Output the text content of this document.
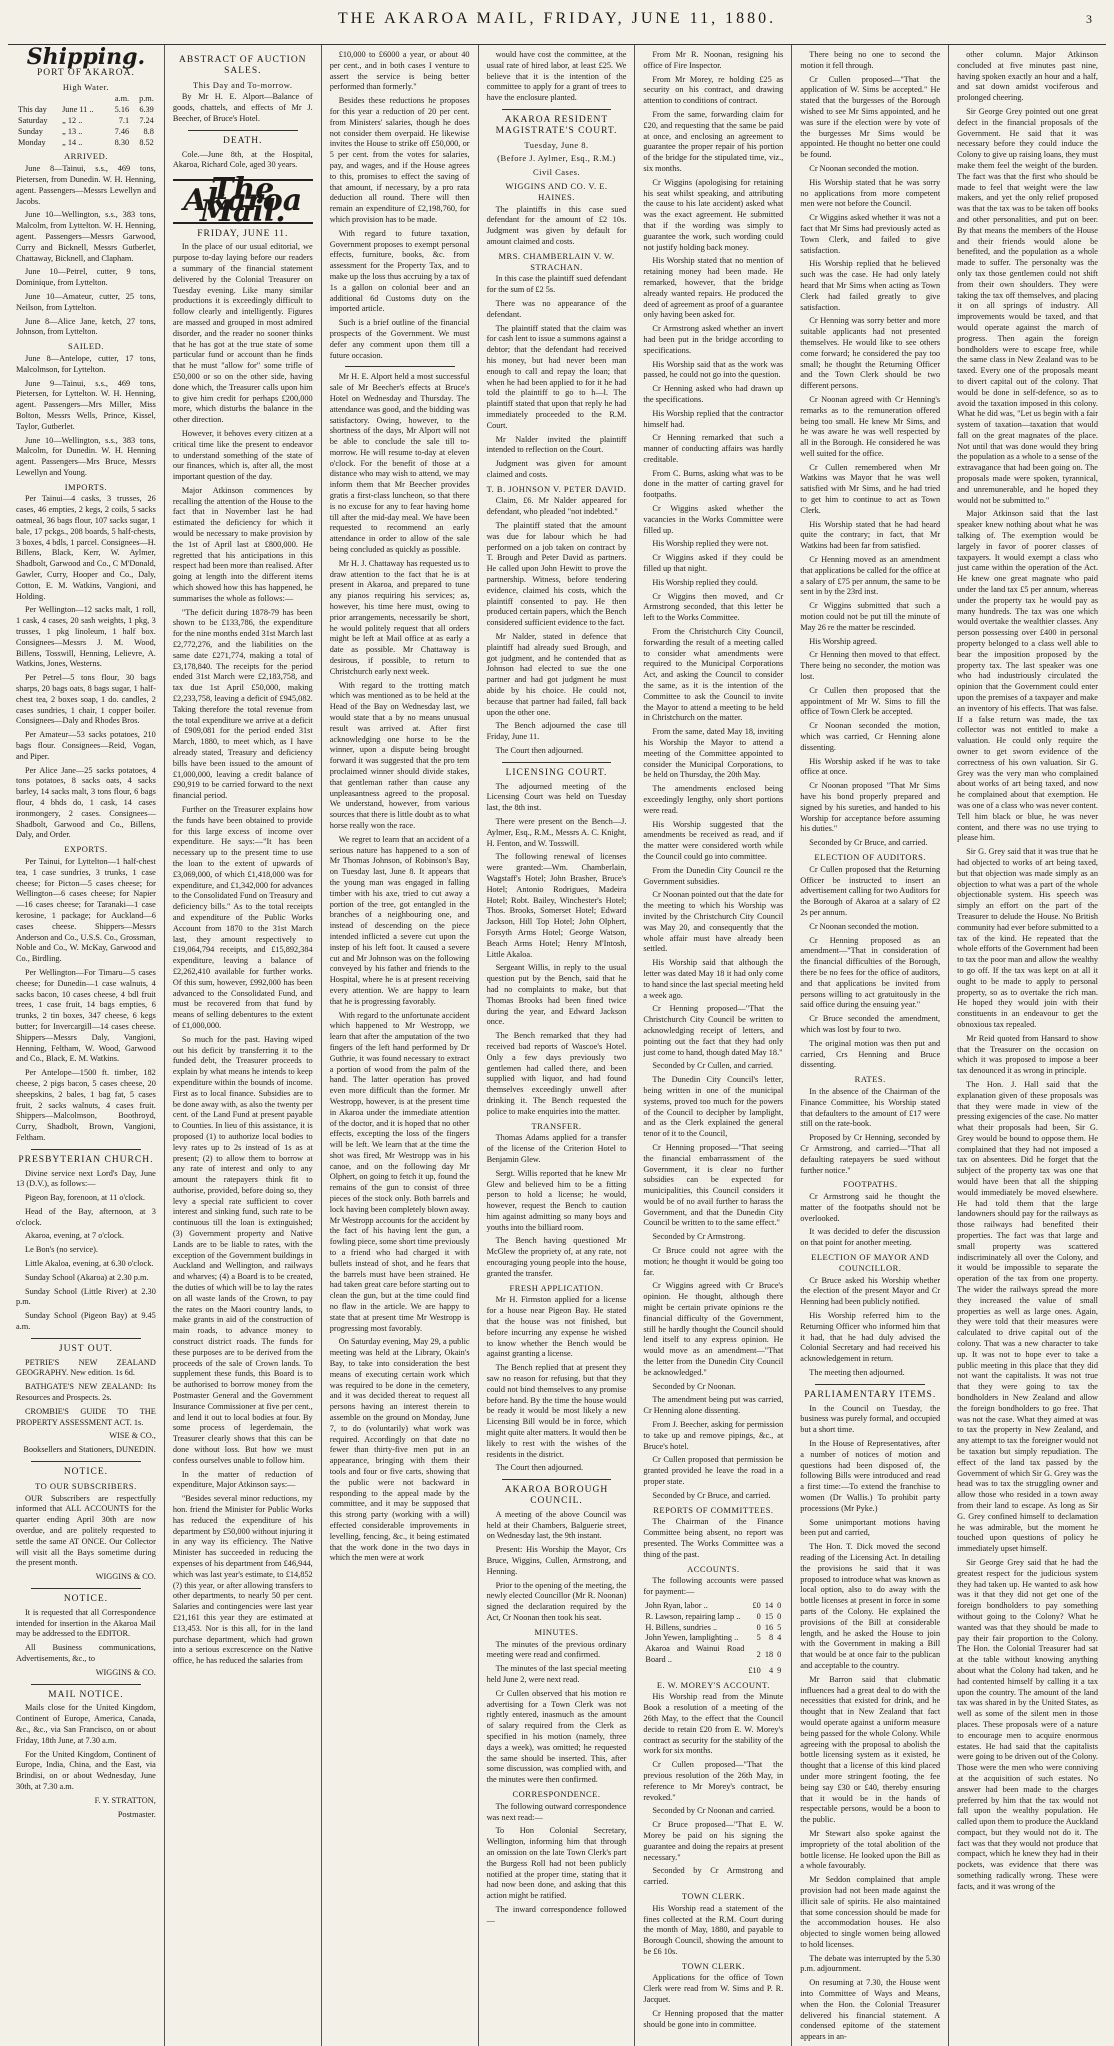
THE AKAROA MAIL, FRIDAY, JUNE 11, 1880.	3
Shipping.
PORT OF AKAROA.
High Water.
		a.m.	p.m.
This day	June 11 ..	5.16	6.39
Saturday	„ 12 ..	7.1	7.24
Sunday	„ 13 ..	7.46	8.8
Monday	„ 14 ..	8.30	8.52
ARRIVED.

June 8—Tainui, s.s., 469 tons, Pietersen, from Dunedin. W. H. Henning, agent. Passengers—Messrs Lewellyn and Jacobs.

June 10—Wellington, s.s., 383 tons, Malcolm, from Lyttelton. W. H. Henning, agent. Passengers—Messrs Garwood, Curry and Bicknell, Messrs Gutberlet, Chattaway, Bicknell, and Clapham.

June 10—Petrel, cutter, 9 tons, Dominique, from Lyttelton.

June 10—Amateur, cutter, 25 tons, Neilson, from Lyttelton.

June 8—Alice Jane, ketch, 27 tons, Johnson, from Lyttelton.

SAILED.

June 8—Antelope, cutter, 17 tons, Malcolmson, for Lyttelton.

June 9—Tainui, s.s., 469 tons, Pietersen, for Lyttelton. W. H. Henning, agent. Passengers—Mrs Miller, Miss Bolton, Messrs Wells, Prince, Kissel, Taylor, Gutberlet.

June 10—Wellington, s.s., 383 tons, Malcolm, for Dunedin. W. H. Henning agent. Passengers—Mrs Bruce, Messrs Lewellyn and Young.

IMPORTS.

Per Tainui—4 casks, 3 trusses, 26 cases, 46 empties, 2 kegs, 2 coils, 5 sacks oatmeal, 36 bags flour, 107 sacks sugar, 1 bale, 17 pckgs., 208 boards, 5 half-chests, 3 boxes, 4 bdls, 1 parcel. Consignees—H. Billens, Black, Kerr, W. Aylmer, Shadbolt, Garwood and Co., C M'Donald, Gawler, Curry, Hooper and Co., Daly, Cotton, E. M. Watkins, Vangioni, and Holding.

Per Wellington—12 sacks malt, 1 roll, 1 cask, 4 cases, 20 sash weights, 1 pkg, 3 trusses, 1 pkg linoleum, 1 half box. Consignees—Messrs J. M. Wood, Billens, Tosswill, Henning, Lelievre, A. Watkins, Jones, Westerns.

Per Petrel—5 tons flour, 30 bags sharps, 20 bags oats, 8 bags sugar, 1 half-chest tea, 2 boxes soap, 1 do. candles, 2 cases sundries, 1 chair, 1 copper boiler. Consignees—Daly and Rhodes Bros.

Per Amateur—53 sacks potatoes, 210 bags flour. Consignees—Reid, Vogan, and Piper.

Per Alice Jane—25 sacks potatoes, 4 tons potatoes, 8 sacks oats, 4 sacks barley, 14 sacks malt, 3 tons flour, 6 bags flour, 4 bhds do, 1 cask, 14 cases ironmongery, 2 cases. Consignees—Shadbolt, Garwood and Co., Billens, Daly, and Order.

EXPORTS.

Per Tainui, for Lyttelton—1 half-chest tea, 1 case sundries, 3 trunks, 1 case cheese; for Picton—5 cases cheese; for Wellington—6 cases cheese; for Napier—16 cases cheese; for Taranaki—1 case kerosine, 1 package; for Auckland—6 cases cheese. Shippers—Messrs Anderson and Co., U.S.S. Co., Grossman, Noble and Co., W. McKay, Garwood and Co., Birdling.

Per Wellington—For Timaru—5 cases cheese; for Dunedin—1 case walnuts, 4 sacks bacon, 10 cases cheese, 4 bdl fruit trees, 1 case fruit, 14 bags empties, 6 trunks, 2 tin boxes, 347 cheese, 6 kegs butter; for Invercargill—14 cases cheese. Shippers—Messrs Daly, Vangioni, Henning, Feltham, W. Wood, Garwood and Co., Black, E. M. Watkins.

Per Antelope—1500 ft. timber, 182 cheese, 2 pigs bacon, 5 cases cheese, 20 sheepskins, 2 bales, 1 bag fat, 5 cases fruit, 2 sacks walnuts, 4 cases fruit. Shippers—Malcolmson, Boothroyd, Curry, Shadbolt, Brown, Vangioni, Feltham.

PRESBYTERIAN CHURCH.

Divine service next Lord's Day, June 13 (D.V.), as follows:—

Pigeon Bay, forenoon, at 11 o'clock.

Head of the Bay, afternoon, at 3 o'clock.

Akaroa, evening, at 7 o'clock.

Le Bon's (no service).

Little Akaloa, evening, at 6.30 o'clock.

Sunday School (Akaroa) at 2.30 p.m.

Sunday School (Little River) at 2.30 p.m.

Sunday School (Pigeon Bay) at 9.45 a.m.

JUST OUT.

PETRIE'S NEW ZEALAND GEOGRAPHY. New edition. 1s 6d.

BATHGATE'S NEW ZEALAND: Its Resources and Prospects. 2s.

CROMBIE'S GUIDE TO THE PROPERTY ASSESSMENT ACT. 1s.

WISE & CO.,

Booksellers and Stationers, DUNEDIN.

NOTICE.
TO OUR SUBSCRIBERS.

OUR Subscribers are respectfully informed that ALL ACCOUNTS for the quarter ending April 30th are now overdue, and are politely requested to settle the same AT ONCE. Our Collector will visit all the Bays sometime during the present month.

WIGGINS & CO.

NOTICE.

It is requested that all Correspondence intended for insertion in the Akaroa Mail may be addressed to the EDITOR.

All Business communications, Advertisements, &c., to

WIGGINS & CO.

MAIL NOTICE.

Mails close for the United Kingdom, Continent of Europe, America, Canada, &c., &c., via San Francisco, on or about Friday, 18th June, at 7.30 a.m.

For the United Kingdom, Continent of Europe, India, China, and the East, via Brindisi, on or about Wednesday, June 30th, at 7.30 a.m.

F. Y. STRATTON,

Postmaster.

ABSTRACT OF AUCTION SALES.
This Day and To-morrow.

By Mr H. E. Alport—Balance of goods, chattels, and effects of Mr J. Beecher, of Bruce's Hotel.

DEATH.

Cole.—June 8th, at the Hospital, Akaroa, Richard Cole, aged 30 years.

The Akaroa Mail.
FRIDAY, JUNE 11.

In the place of our usual editorial, we purpose to-day laying before our readers a summary of the financial statement delivered by the Colonial Treasurer on Tuesday evening. Like many similar productions it is exceedingly difficult to follow clearly and intelligently. Figures are massed and grouped in most admired disorder, and the reader no sooner thinks that he has got at the true state of some particular fund or account than he finds that he must "allow for" some trifle of £50,000 or so on the other side, having done which, the Treasurer calls upon him to give him credit for perhaps £200,000 more, which disturbs the balance in the other direction.

However, it behoves every citizen at a critical time like the present to endeavor to understand something of the state of our finances, which is, after all, the most important question of the day.

Major Atkinson commences by recalling the attention of the House to the fact that in November last he had estimated the deficiency for which it would be necessary to make provision by the 1st of April last at £800,000. He regretted that his anticipations in this respect had been more than realised. After going at length into the different items which showed how this has happened, he summarises the whole as follows:—

"The deficit during 1878-79 has been shown to be £133,786, the expenditure for the nine months ended 31st March last £2,772,276, and the liabilities on the same date £271,774, making a total of £3,178,840. The receipts for the period ended 31st March were £2,183,758, and tax due 1st April £50,000, making £2,233,758, leaving a deficit of £945,082. Taking therefore the total revenue from the total expenditure we arrive at a deficit of £909,081 for the period ended 31st March, 1880, to meet which, as I have already stated, Treasury and deficiency bills have been issued to the amount of £1,000,000, leaving a credit balance of £90,919 to be carried forward to the next financial period.

Further on the Treasurer explains how the funds have been obtained to provide for this large excess of income over expenditure. He says:—"It has been necessary up to the present time to use the loan to the extent of upwards of £3,069,000, of which £1,418,000 was for expenditure, and £1,342,000 for advances to the Consolidated Fund on Treasury and deficiency bills." As to the total receipts and expenditure of the Public Works Account from 1870 to the 31st March last, they amount respectively to £19,064,794 receipts, and £15,892,384 expenditure, leaving a balance of £2,262,410 available for further works. Of this sum, however, £992,000 has been advanced to the Consolidated Fund, and must be recovered from that fund by means of selling debentures to the extent of £1,000,000.

So much for the past. Having wiped out his deficit by transferring it to the funded debt, the Treasurer proceeds to explain by what means he intends to keep expenditure within the bounds of income. First as to local finance. Subsidies are to be done away with, as also the twenty per cent. of the Land Fund at present payable to Counties. In lieu of this assistance, it is proposed (1) to authorize local bodies to levy rates up to 2s instead of 1s as at present; (2) to allow them to borrow at any rate of interest and only to any amount the ratepayers think fit to authorise, provided, before doing so, they levy a special rate sufficient to cover interest and sinking fund, such rate to be continuous till the loan is extinguished; (3) Government property and Native Lands are to be liable to rates, with the exception of the Government buildings in Auckland and Wellington, and railways and wharves; (4) a Board is to be created, the duties of which will be to lay the rates on all waste lands of the Crown, to pay the rates on the Maori country lands, to make grants in aid of the construction of main roads, to advance money to construct district roads. The funds for these purposes are to be derived from the proceeds of the sale of Crown lands. To supplement these funds, this Board is to be authorised to borrow money from the Postmaster General and the Government Insurance Commissioner at five per cent., and lend it out to local bodies at four. By some process of legerdemain, the Treasurer clearly shows that this can be done without loss. But how we must confess ourselves unable to follow him.

In the matter of reduction of expenditure, Major Atkinson says:—

"Besides several minor reductions, my hon. friend the Minister for Public Works has reduced the expenditure of his department by £50,000 without injuring it in any way its efficiency. The Native Minister has succeeded in reducing the expenses of his department from £46,944, which was last year's estimate, to £14,852 (?) this year, or after allowing transfers to other departments, to nearly 50 per cent. Salaries and contingencies were last year £21,161 this year they are estimated at £13,453. Nor is this all, for in the land purchase department, which had grown into a serious excrescence on the Native office, he has reduced the salaries from

£10,000 to £6000 a year, or about 40 per cent., and in both cases I venture to assert the service is being better performed than formerly."

Besides these reductions he proposes for this year a reduction of 20 per cent. from Ministers' salaries, though he does not consider them overpaid. He likewise invites the House to strike off £50,000, or 5 per cent. from the votes for salaries, pay, and wages, and if the House agrees to this, promises to effect the saving of that amount, if necessary, by a pro rata deduction all round. There will then remain an expenditure of £2,198,760, for which provision has to be made.

With regard to future taxation, Government proposes to exempt personal effects, furniture, books, &c. from assessment for the Property Tax, and to make up the loss thus accruing by a tax of 1s a gallon on colonial beer and an additional 6d Customs duty on the imported article.

Such is a brief outline of the financial prospects of the Government. We must defer any comment upon them till a future occasion.

Mr H. E. Alport held a most successful sale of Mr Beecher's effects at Bruce's Hotel on Wednesday and Thursday. The attendance was good, and the bidding was satisfactory. Owing, however, to the shortness of the days, Mr Alport will not be able to conclude the sale till to-morrow. He will resume to-day at eleven o'clock. For the benefit of those at a distance who may wish to attend, we may inform them that Mr Beecher provides gratis a first-class luncheon, so that there is no excuse for any to fear having home till after the mid-day meal. We have been requested to recommend an early attendance in order to allow of the sale being concluded as quickly as possible.

Mr H. J. Chattaway has requested us to draw attention to the fact that he is at present in Akaroa, and prepared to tune any pianos requiring his services; as, however, his time here must, owing to prior arrangements, necessarily be short, he would politely request that all orders might be left at Mail office at as early a date as possible. Mr Chattaway is desirous, if possible, to return to Christchurch early next week.

With regard to the trotting match which was mentioned as to be held at the Head of the Bay on Wednesday last, we would state that a by no means unusual result was arrived at. After first acknowledging one horse to be the winner, upon a dispute being brought forward it was suggested that the pro tem proclaimed winner should divide stakes, that gentleman rather than cause any unpleasantness agreed to the proposal. We understand, however, from various sources that there is little doubt as to what horse really won the race.

We regret to learn that an accident of a serious nature has happened to a son of Mr Thomas Johnson, of Robinson's Bay, on Tuesday last, June 8. It appears that the young man was engaged in falling timber with his axe, tried to cut away a portion of the tree, got entangled in the branches of a neighbouring one, and instead of descending on the piece intended inflicted a severe cut upon the instep of his left foot. It caused a severe cut and Mr Johnson was on the following conveyed by his father and friends to the Hospital, where he is at present receiving every attention. We are happy to learn that he is progressing favorably.

With regard to the unfortunate accident which happened to Mr Westropp, we learn that after the amputation of the two fingers of the left hand performed by Dr Guthrie, it was found necessary to extract a portion of wood from the palm of the hand. The latter operation has proved even more difficult than the former. Mr Westropp, however, is at the present time in Akaroa under the immediate attention of the doctor, and it is hoped that no other effects, excepting the loss of the fingers will be left. We learn that at the time the shot was fired, Mr Westropp was in his canoe, and on the following day Mr Olphert, on going to fetch it up, found the remains of the gun to consist of three pieces of the stock only. Both barrels and lock having been completely blown away. Mr Westropp accounts for the accident by the fact of his having lent the gun, a fowling piece, some short time previously to a friend who had charged it with bullets instead of shot, and he fears that the barrels must have been strained. He had taken great care before starting out to clean the gun, but at the time could find no flaw in the article. We are happy to state that at present time Mr Westropp is progressing most favorably.

On Saturday evening, May 29, a public meeting was held at the Library, Okain's Bay, to take into consideration the best means of executing certain work which was required to be done in the cemetery, and it was decided thereat to request all persons having an interest therein to assemble on the ground on Monday, June 7, to do (voluntarily) what work was required. Accordingly on that date no fewer than thirty-five men put in an appearance, bringing with them their tools and four or five carts, showing that the public were not backward in responding to the appeal made by the committee, and it may be supposed that this strong party (working with a will) effected considerable improvements in levelling, fencing, &c., it being estimated that the work done in the two days in which the men were at work

would have cost the committee, at the usual rate of hired labor, at least £25. We believe that it is the intention of the committee to apply for a grant of trees to have the enclosure planted.

AKAROA RESIDENT MAGISTRATE'S COURT.
Tuesday, June 8.
(Before J. Aylmer, Esq., R.M.)
Civil Cases.
WIGGINS AND CO. V. E. HAINES.

The plaintiffs in this case sued defendant for the amount of £2 10s. Judgment was given by default for amount claimed and costs.

MRS. CHAMBERLAIN V. W. STRACHAN.

In this case the plaintiff sued defendant for the sum of £2 5s.

There was no appearance of the defendant.

The plaintiff stated that the claim was for cash lent to issue a summons against a debtor; that the defendant had received his money, but had never been man enough to call and repay the loan; that when he had been applied to for it he had told the plaintiff to go to h—l. The plaintiff stated that upon that reply he had immediately proceeded to the R.M. Court.

Mr Nalder invited the plaintiff intended to reflection on the Court.

Judgment was given for amount claimed and costs.

T. B. JOHNSON V. PETER DAVID.

Claim, £6. Mr Nalder appeared for defendant, who pleaded "not indebted."

The plaintiff stated that the amount was due for labour which he had performed on a job taken on contract by T. Brough and Peter David as partners. He called upon John Hewitt to prove the partnership. Witness, before tendering evidence, claimed his costs, which the plaintiff consented to pay. He then produced certain papers, which the Bench considered sufficient evidence to the fact.

Mr Nalder, stated in defence that plaintiff had already sued Brough, and got judgment, and he contended that as Johnson had elected to sue the one partner and had got judgment he must abide by his choice. He could not, because that partner had failed, fall back upon the other one.

The Bench adjourned the case till Friday, June 11.

The Court then adjourned.

LICENSING COURT.

The adjourned meeting of the Licensing Court was held on Tuesday last, the 8th inst.

There were present on the Bench—J. Aylmer, Esq., R.M., Messrs A. C. Knight, H. Fenton, and W. Tosswill.

The following renewal of licenses were granted:—Wm. Chamberlain, Wagstaff's Hotel; John Brasher, Bruce's Hotel; Antonio Rodrigues, Madeira Hotel; Robt. Bailey, Winchester's Hotel; Thos. Brooks, Somerset Hotel; Edward Jackson, Hill Top Hotel; John Olphert, Forsyth Arms Hotel; George Watson, Beach Arms Hotel; Henry M'Intosh, Little Akaloa.

Sergeant Willis, in reply to the usual question put by the Bench, said that he had no complaints to make, but that Thomas Brooks had been fined twice during the year, and Edward Jackson once.

The Bench remarked that they had received bad reports of Wascoe's Hotel. Only a few days previously two gentlemen had called there, and been supplied with liquor, and had found themselves exceedingly unwell after drinking it. The Bench requested the police to make enquiries into the matter.

TRANSFER.

Thomas Adams applied for a transfer of the license of the Criterion Hotel to Benjamin Glew.

Sergt. Willis reported that he knew Mr Glew and believed him to be a fitting person to hold a license; he would, however, request the Bench to caution him against admitting so many boys and youths into the billiard room.

The Bench having questioned Mr McGlew the propriety of, at any rate, not encouraging young people into the house, granted the transfer.

FRESH APPLICATION.

Mr H. Firmston applied for a license for a house near Pigeon Bay. He stated that the house was not finished, but before incurring any expense he wished to know whether the Bench would be against granting a license.

The Bench replied that at present they saw no reason for refusing, but that they could not bind themselves to any promise before hand. By the time the house would be ready it would be most likely a new Licensing Bill would be in force, which might quite alter matters. It would then be likely to rest with the wishes of the residents in the district.

The Court then adjourned.

AKAROA BOROUGH COUNCIL.

A meeting of the above Council was held at their Chambers, Balguerie street, on Wednesday last, the 9th instant.

Present: His Worship the Mayor, Crs Bruce, Wiggins, Cullen, Armstrong, and Henning.

Prior to the opening of the meeting, the newly elected Councillor (Mr R. Noonan) signed the declaration required by the Act, Cr Noonan then took his seat.

MINUTES.

The minutes of the previous ordinary meeting were read and confirmed.

The minutes of the last special meeting held June 2, were next read.

Cr Cullen observed that his motion re advertising for a Town Clerk was not rightly entered, inasmuch as the amount of salary required from the Clerk as specified in his motion (namely, three days a week), was omitted; he requested the same should be inserted. This, after some discussion, was complied with, and the minutes were then confirmed.

CORRESPONDENCE.

The following outward correspondence was next read:—

To Hon Colonial Secretary, Wellington, informing him that through an omission on the late Town Clerk's part the Burgess Roll had not been publicly notified at the proper time, stating that it had now been done, and asking that this action might be ratified.

The inward correspondence followed—

From Mr R. Noonan, resigning his office of Fire Inspector.

From Mr Morey, re holding £25 as security on his contract, and drawing attention to conditions of contract.

From the same, forwarding claim for £20, and requesting that the same be paid at once, and enclosing an agreement to guarantee the proper repair of his portion of the bridge for the stipulated time, viz., six months.

Cr Wiggins (apologising for retaining his seat whilst speaking, and attributing the cause to his late accident) asked what was the exact agreement. He submitted that if the wording was simply to guarantee the work, such wording could not justify holding back money.

His Worship stated that no mention of retaining money had been made. He remarked, however, that the bridge already wanted repairs. He produced the deed of agreement as proof of a guarantee only having been asked for.

Cr Armstrong asked whether an invert had been put in the bridge according to specifications.

His Worship said that as the work was passed, he could not go into the question.

Cr Henning asked who had drawn up the specifications.

His Worship replied that the contractor himself had.

Cr Henning remarked that such a manner of conducting affairs was hardly creditable.

From C. Burns, asking what was to be done in the matter of carting gravel for footpaths.

Cr Wiggins asked whether the vacancies in the Works Committee were filled up.

His Worship replied they were not.

Cr Wiggins asked if they could be filled up that night.

His Worship replied they could.

Cr Wiggins then moved, and Cr Armstrong seconded, that this letter be left to the Works Committee.

From the Christchurch City Council, forwarding the result of a meeting called to consider what amendments were required to the Municipal Corporations Act, and asking the Council to consider the same, as it is the intention of the Committee to ask the Council to invite the Mayor to attend a meeting to be held in Christchurch on the matter.

From the same, dated May 18, inviting his Worship the Mayor to attend a meeting of the Committee appointed to consider the Municipal Corporations, to be held on Thursday, the 20th May.

The amendments enclosed being exceedingly lengthy, only short portions were read.

His Worship suggested that the amendments be received as read, and if the matter were considered worth while the Council could go into committee.

From the Dunedin City Council re the Government subsidies.

Cr Noonan pointed out that the date for the meeting to which his Worship was invited by the Christchurch City Council was May 20, and consequently that the whole affair must have already been settled.

His Worship said that although the letter was dated May 18 it had only come to hand since the last special meeting held a week ago.

Cr Henning proposed—"That the Christchurch City Council be written to acknowledging receipt of letters, and pointing out the fact that they had only just come to hand, though dated May 18."

Seconded by Cr Cullen, and carried.

The Dunedin City Council's letter, being written in one of the municipal systems, proved too much for the powers of the Council to decipher by lamplight, and as the Clerk explained the general tenor of it to the Council,

Cr Henning proposed—"That seeing the financial embarrassment of the Government, it is clear no further subsidies can be expected for municipalities, this Council considers it would be of no avail further to harass the Government, and that the Dunedin City Council be written to to the same effect."

Seconded by Cr Armstrong.

Cr Bruce could not agree with the motion; he thought it would be going too far.

Cr Wiggins agreed with Cr Bruce's opinion. He thought, although there might be certain private opinions re the financial difficulty of the Government, still he hardly thought the Council should lend itself to any express opinion. He would move as an amendment—"That the letter from the Dunedin City Council be acknowledged."

Seconded by Cr Noonan.

The amendment being put was carried, Cr Henning alone dissenting.

From J. Beecher, asking for permission to take up and remove pipings, &c., at Bruce's hotel.

Cr Cullen proposed that permission be granted provided he leave the road in a proper state.

Seconded by Cr Bruce, and carried.

REPORTS OF COMMITTEES.

The Chairman of the Finance Committee being absent, no report was presented. The Works Committee was a thing of the past.

ACCOUNTS.

The following accounts were passed for payment:—

John Ryan, labor ..	£0	14	0
R. Lawson, repairing lamp ..	0	15	0
H. Billens, sundries ..	0	16	5
John Yewen, lamplighting ..	5	8	4
Akaroa and Wainui Road Board ..	2	18	0
	£10	4	9
E. W. MOREY'S ACCOUNT.

His Worship read from the Minute Book a resolution of a meeting of the 26th May, to the effect that the Council decide to retain £20 from E. W. Morey's contract as security for the stability of the work for six months.

Cr Cullen proposed—"That the previous resolution of the 26th May, in reference to Mr Morey's contract, be revoked."

Seconded by Cr Noonan and carried.

Cr Bruce proposed—"That E. W. Morey be paid on his signing the guarantee and doing the repairs at present necessary."

Seconded by Cr Armstrong and carried.

TOWN CLERK.

His Worship read a statement of the fines collected at the R.M. Court during the month of May, 1880, and payable to Borough Council, showing the amount to be £6 10s.

TOWN CLERK.

Applications for the office of Town Clerk were read from W. Sims and P. R. Jacquet.

Cr Henning proposed that the matter should be gone into in committee.

There being no one to second the motion it fell through.

Cr Cullen proposed—"That the application of W. Sims be accepted." He stated that the burgesses of the Borough wished to see Mr Sims appointed, and he was sure if the election were by vote of the burgesses Mr Sims would be appointed. He thought no better one could be found.

Cr Noonan seconded the motion.

His Worship stated that he was sorry no applications from more competent men were not before the Council.

Cr Wiggins asked whether it was not a fact that Mr Sims had previously acted as Town Clerk, and failed to give satisfaction.

His Worship replied that he believed such was the case. He had only lately heard that Mr Sims when acting as Town Clerk had failed greatly to give satisfaction.

Cr Henning was sorry better and more suitable applicants had not presented themselves. He would like to see others come forward; he considered the pay too small; he thought the Returning Officer and the Town Clerk should be two different persons.

Cr Noonan agreed with Cr Henning's remarks as to the remuneration offered being too small. He knew Mr Sims, and he was aware he was well respected by all in the Borough. He considered he was well suited for the office.

Cr Cullen remembered when Mr Watkins was Mayor that he was well satisfied with Mr Sims, and he had tried to get him to continue to act as Town Clerk.

His Worship stated that he had heard quite the contrary; in fact, that Mr Watkins had been far from satisfied.

Cr Henning moved as an amendment that applications be called for the office at a salary of £75 per annum, the same to be sent in by the 23rd inst.

Cr Wiggins submitted that such a motion could not be put till the minute of May 26 re the matter be rescinded.

His Worship agreed.

Cr Henning then moved to that effect. There being no seconder, the motion was lost.

Cr Cullen then proposed that the appointment of Mr W. Sims to fill the office of Town Clerk be accepted.

Cr Noonan seconded the motion, which was carried, Cr Henning alone dissenting.

His Worship asked if he was to take office at once.

Cr Noonan proposed "That Mr Sims have his bond properly prepared and signed by his sureties, and handed to his Worship for acceptance before assuming his duties."

Seconded by Cr Bruce, and carried.

ELECTION OF AUDITORS.

Cr Cullen proposed that the Returning Officer be instructed to insert an advertisement calling for two Auditors for the Borough of Akaroa at a salary of £2 2s per annum.

Cr Noonan seconded the motion.

Cr Henning proposed as an amendment—"That in consideration of the financial difficulties of the Borough, there be no fees for the office of auditors, and that applications be invited from persons willing to act gratuitously in the said office during the ensuing year."

Cr Bruce seconded the amendment, which was lost by four to two.

The original motion was then put and carried, Crs Henning and Bruce dissenting.

RATES.

In the absence of the Chairman of the Finance Committee, his Worship stated that defaulters to the amount of £17 were still on the rate-book.

Proposed by Cr Henning, seconded by Cr Armstrong, and carried—"That all defaulting ratepayers be sued without further notice."

FOOTPATHS.

Cr Armstrong said he thought the matter of the footpaths should not be overlooked.

It was decided to defer the discussion on that point for another meeting.

ELECTION OF MAYOR AND COUNCILLOR.

Cr Bruce asked his Worship whether the election of the present Mayor and Cr Henning had been publicly notified.

His Worship referred him to the Returning Officer who informed him that it had, that he had duly advised the Colonial Secretary and had received his acknowledgement in return.

The meeting then adjourned.

PARLIAMENTARY ITEMS.

In the Council on Tuesday, the business was purely formal, and occupied but a short time.

In the House of Representatives, after a number of notices of motion and questions had been disposed of, the following Bills were introduced and read a first time:—To extend the franchise to women (Dr Wallis.) To prohibit party processions (Mr Pyke.)

Some unimportant motions having been put and carried,

The Hon. T. Dick moved the second reading of the Licensing Act. In detailing the provisions he said that it was proposed to introduce what was known as local option, also to do away with the bottle licenses at present in force in some parts of the Colony. He explained the provisions of the Bill at considerable length, and he asked the House to join with the Government in making a Bill that would be at once fair to the publican and acceptable to the country.

Mr Barron said that clubmatic influences had a great deal to do with the necessities that existed for drink, and he thought that in New Zealand that fact would operate against a uniform measure being passed for the whole Colony. While agreeing with the proposal to abolish the bottle licensing system as it existed, he thought that a license of this kind placed under more stringent footing, the fee being say £30 or £40, thereby ensuring that it would be in the hands of respectable persons, would be a boon to the public.

Mr Stewart also spoke against the impropriety of the total abolition of the bottle license. He looked upon the Bill as a whole favourably.

Mr Seddon complained that ample provision had not been made against the illicit sale of spirits. He also maintained that some concession should be made for the accommodation houses. He also objected to single women being allowed to hold licenses.

The debate was interrupted by the 5.30 p.m. adjournment.

On resuming at 7.30, the House went into Committee of Ways and Means, when the Hon. the Colonial Treasurer delivered his financial statement. A condensed epitome of the statement appears in an-

other column. Major Atkinson concluded at five minutes past nine, having spoken exactly an hour and a half, and sat down amidst vociferous and prolonged cheering.

Sir George Grey pointed out one great defect in the financial proposals of the Government. He said that it was necessary before they could induce the Colony to give up raising loans, they must make them feel the weight of the burden. The fact was that the first who should be made to feel that weight were the law makers, and yet the only relief proposed was that the tax was to be taken off books and other personalities, and put on beer. By that means the members of the House and their friends would alone be benefited, and the population as a whole made to suffer. The personalty was the only tax those gentlemen could not shift from their own shoulders. They were taking the tax off themselves, and placing it on all springs of industry. All improvements would be taxed, and that would operate against the march of progress. Then again the foreign bondholders were to escape free, while the same class in New Zealand was to be taxed. Every one of the proposals meant to divert capital out of the colony. That would be done in self-defence, so as to avoid the taxation imposed in this colony. What he did was, "Let us begin with a fair system of taxation—taxation that would fall on the great magnates of the place. Not until that was done would they bring the population as a whole to a sense of the extravagance that had been going on. The proposals made were spoken, tyrannical, and unremunerable, and he hoped they would not be submitted to."

Major Atkinson said that the last speaker knew nothing about what he was talking of. The exemption would be largely in favor of poorer classes of taxpayers. It would exempt a class who just came within the operation of the Act. He knew one great magnate who paid under the land tax £5 per annum, whereas under the property tax he would pay as many hundreds. The tax was one which would overtake the wealthier classes. Any person possessing over £400 in personal property belonged to a class well able to bear the imposition proposed by the property tax. The last speaker was one who had industriously circulated the opinion that the Government could enter upon the premises of a taxpayer and make an inventory of his effects. That was false. If a false return was made, the tax collector was not entitled to make a valuation. He could only require the owner to get sworn evidence of the correctness of his own valuation. Sir G. Grey was the very man who complained about works of art being taxed, and now he complained about that exemption. He was one of a class who was never content. Tell him black or blue, he was never content, and there was no use trying to please him.

Sir G. Grey said that it was true that he had objected to works of art being taxed, but that objection was made simply as an objection to what was a part of the whole objectionable system. His speech was simply an effort on the part of the Treasurer to delude the House. No British community had ever before submitted to a tax of the kind. He repeated that the whole efforts of the Government had been to tax the poor man and allow the wealthy to go off. If the tax was kept on at all it ought to be made to apply to personal property, so as to overtake the rich man. He hoped they would join with their constituents in an endeavour to get the obnoxious tax repealed.

Mr Reid quoted from Hansard to show that the Treasurer on the occasion on which it was proposed to impose a beer tax denounced it as wrong in principle.

The Hon. J. Hall said that the explanation given of these proposals was that they were made in view of the pressing exigencies of the case. No matter what their proposals had been, Sir G. Grey would be bound to oppose them. He complained that they had not imposed a tax on absentees. Did he forget that the subject of the property tax was one that would have been that all the shipping would immediately be moved elsewhere. He had told them that the large landowners should pay for the railways as those railways had benefited their properties. The fact was that large and small property was scattered indiscriminately all over the Colony, and it would be impossible to separate the operation of the tax from one property. The wider the railways spread the more they increased the value of small properties as well as large ones. Again, they were told that their measures were calculated to drive capital out of the colony. That was a new character to take up. It was not to hope ever to take a public meeting in this place that they did not want the capitalists. It was not true that they were going to tax the bondholders in New Zealand and allow the foreign bondholders to go free. That was not the case. What they aimed at was to tax the property in New Zealand, and any attempt to tax the foreigner would not be taxation but simply repudiation. The effect of the land tax passed by the Government of which Sir G. Grey was the head was to tax the struggling owner and allow those who resided in a town away from their land to escape. As long as Sir G. Grey confined himself to declamation he was admirable, but the moment he touched upon questions of policy he immediately upset himself.

Sir George Grey said that he had the greatest respect for the judicious system they had taken up. He wanted to ask how was it that they did not get one of the foreign bondholders to pay something without going to the Colony? What he wanted was that they should be made to pay their fair proportion to the Colony. The Hon. the Colonial Treasurer had sat at the table without knowing anything about what the Colony had taken, and he had contented himself by calling it a tax upon the country. The amount of the land tax was shared in by the United States, as well as some of the silent men in those places. These proposals were of a nature to encourage men to acquire enormous estates. He had said that the capitalists were going to be driven out of the Colony. Those were the men who were conniving at the acquisition of such estates. No answer had been made to the charges preferred by him that the tax would not fall upon the wealthy population. He called upon them to produce the Auckland compact, but they would not do it. The fact was that they would not produce that compact, which he knew they had in their pockets, was evidence that there was something radically wrong. These were facts, and it was wrong of the
